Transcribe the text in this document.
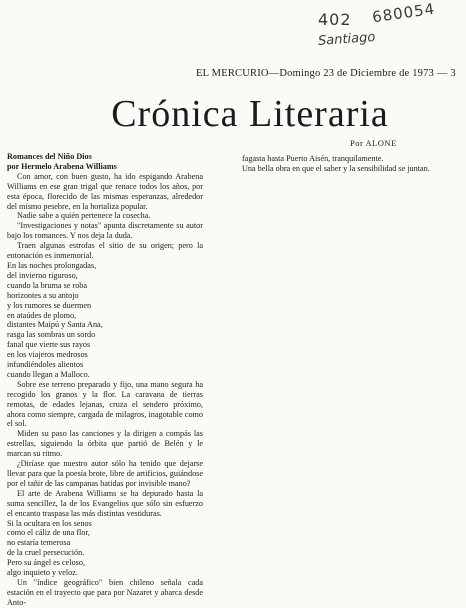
402 680054
Santiago
EL MERCURIO—Domingo 23 de Diciembre de 1973 — 3
Crónica Literaria
Por ALONE

Romances del Niño Dios

por Hermelo Arabena Williams

Con amor, con buen gusto, ha ido espigando Arabena Williams en ese gran trigal que renace todos los años, por esta época, florecido de las mismas esperanzas, alrededor del mismo pesebre, en la hortaliza popular.

Nadie sabe a quién pertenece la cosecha.

"Investigaciones y notas" apunta discretamente su autor bajo los romances. Y nos deja la duda.

Traen algunas estrofas el sitio de su origen; pero la entonación es inmemorial.

En las noches prolongadas,
del invierno riguroso,
cuando la bruma se roba
horizontes a su antojo
y los rumores se duermen
en ataúdes de plomo,
distantes Maipú y Santa Ana,
rasga las sombras un sordo
fanal que vierte sus rayos
en los viajeros medrosos
infundiéndoles alientos
cuando llegan a Malloco.

Sobre ese terreno preparado y fijo, una mano segura ha recogido los granos y la flor. La caravana de tierras remotas, de edades lejanas, cruza el sendero próximo, ahora como siempre, cargada de milagros, inagotable como el sol.

Miden su paso las canciones y la dirigen a compás las estrellas, siguiendo la órbita que partió de Belén y le marcan su ritmo.

¿Diríase que nuestro autor sólo ha tenido que dejarse llevar para que la poesía brote, libre de artificios, guiándose por el tañir de las campanas batidas por invisible mano?

El arte de Arabena Williams se ha depurado hasta la suma sencillez, la de los Evangelios que sólo sin esfuerzo el encanto traspasa las más distintas vestiduras.

Si la ocultara en los senos
como el cáliz de una flor,
no estaría temerosa
de la cruel persecución.
Pero su ángel es celoso,
algo inquieto y veloz.

Un "índice geográfico" bien chileno señala cada estación en el trayecto que para por Nazaret y abarca desde Anto-

fagasta hasta Puerto Aisén, tranquilamente.

Una bella obra en que el saber y la sensibilidad se juntan.
